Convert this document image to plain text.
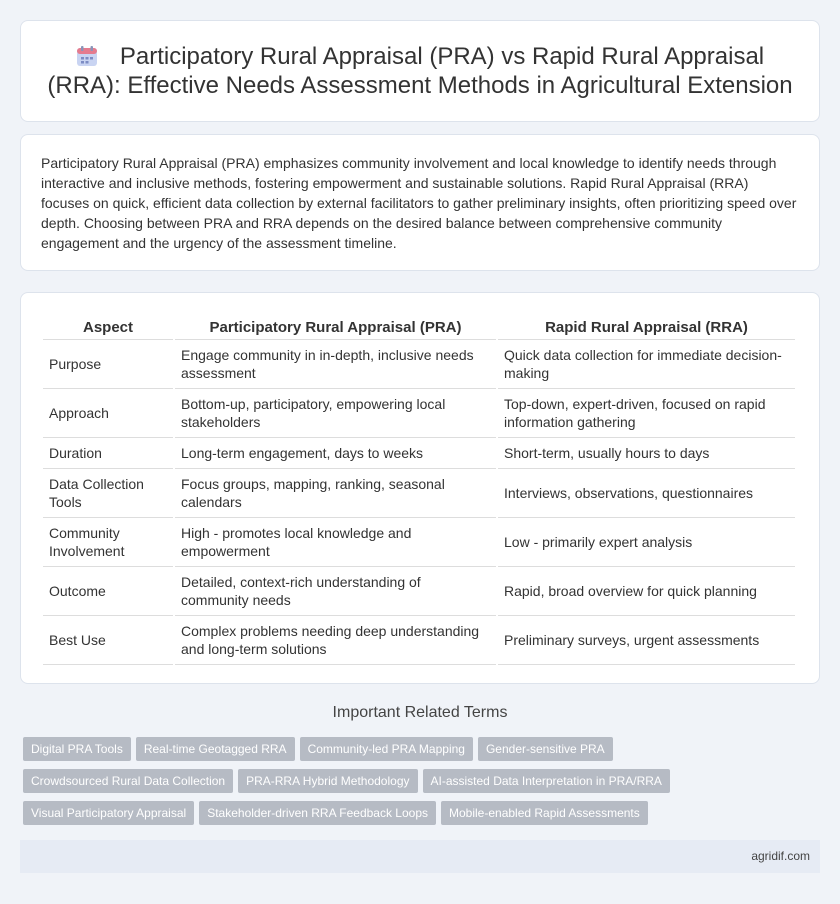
Participatory Rural Appraisal (PRA) vs Rapid Rural Appraisal (RRA): Effective Needs Assessment Methods in Agricultural Extension

Participatory Rural Appraisal (PRA) emphasizes community involvement and local knowledge to identify needs through interactive and inclusive methods, fostering empowerment and sustainable solutions. Rapid Rural Appraisal (RRA) focuses on quick, efficient data collection by external facilitators to gather preliminary insights, often prioritizing speed over depth. Choosing between PRA and RRA depends on the desired balance between comprehensive community engagement and the urgency of the assessment timeline.

Aspect	Participatory Rural Appraisal (PRA)	Rapid Rural Appraisal (RRA)
Purpose	Engage community in in-depth, inclusive needs assessment	Quick data collection for immediate decision-making
Approach	Bottom-up, participatory, empowering local stakeholders	Top-down, expert-driven, focused on rapid information gathering
Duration	Long-term engagement, days to weeks	Short-term, usually hours to days
Data Collection Tools	Focus groups, mapping, ranking, seasonal calendars	Interviews, observations, questionnaires
Community Involvement	High - promotes local knowledge and empowerment	Low - primarily expert analysis
Outcome	Detailed, context-rich understanding of community needs	Rapid, broad overview for quick planning
Best Use	Complex problems needing deep understanding and long-term solutions	Preliminary surveys, urgent assessments
Important Related Terms
Digital PRA Tools Real-time Geotagged RRA Community-led PRA Mapping Gender-sensitive PRA
Crowdsourced Rural Data Collection PRA-RRA Hybrid Methodology AI-assisted Data Interpretation in PRA/RRA
Visual Participatory Appraisal Stakeholder-driven RRA Feedback Loops Mobile-enabled Rapid Assessments
agridif.com
